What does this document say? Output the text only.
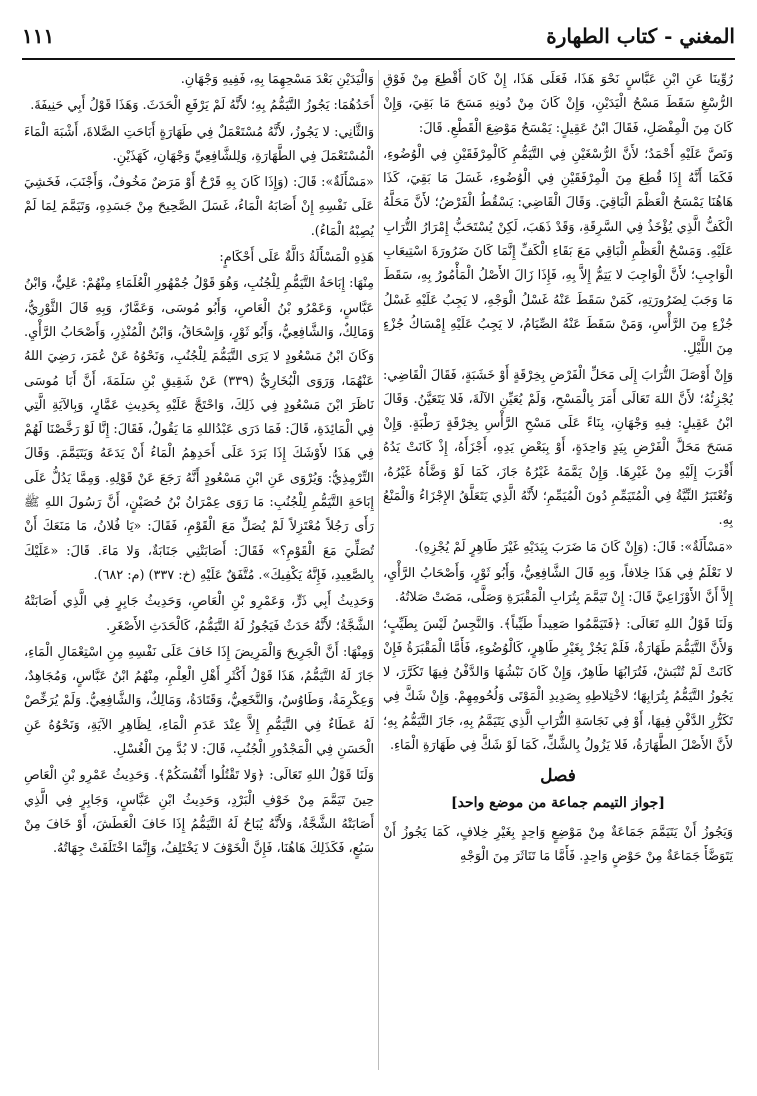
المغني - كتاب الطهارة
١١١

رُوِّينَا عَنِ ابْنِ عَبَّاسٍ نَحْوَ هَذَا، فَعَلَى هَذَا، إِنْ كَانَ أُقْطِعَ مِنْ فَوْقِ الرُّسْغِ سَقَطَ مَسْحُ الْيَدَيْنِ، وَإِنْ كَانَ مِنْ دُونِهِ مَسَحَ مَا بَقِيَ، وَإِنْ كَانَ مِنَ الْمِفْصَلِ، فَقَالَ ابْنُ عَقِيلٍ: يَمْسَحُ مَوْضِعَ الْقَطْعِ. قَالَ:

وَنَصَّ عَلَيْهِ أَحْمَدُ؛ لأَنَّ الرُّسْغَيْنِ فِي التَّيَمُّمِ كَالْمِرْفَقَيْنِ فِي الْوُضُوءِ، فَكَمَا أَنَّهُ إِذَا قُطِعَ مِنَ الْمِرْفَقَيْنِ فِي الْوُضُوءِ، غَسَلَ مَا بَقِيَ، كَذَا هَاهُنَا يَمْسَحُ الْعَظْمَ الْبَاقِيَ. وَقَالَ الْقَاضِي: يَسْقُطُ الْفَرْضُ؛ لأَنَّ مَحَلَّهُ الْكَفُّ الَّذِي يُؤْخَذُ فِي السَّرِقَةِ، وَقَدْ ذَهَبَ، لَكِنْ يُسْتَحَبُّ إِمْرَارُ التُّرَابِ عَلَيْهِ. وَمَسْحُ الْعَظْمِ الْبَاقِي مَعَ بَقَاءِ الْكَفِّ إِنَّمَا كَانَ ضَرُورَةَ اسْتِيعَابِ الْوَاجِبِ؛ لأَنَّ الْوَاجِبَ لا يَتِمُّ إِلاَّ بِهِ، فَإِذَا زَالَ الأَصْلُ الْمَأْمُورُ بِهِ، سَقَطَ مَا وَجَبَ لِضَرُورَتِهِ، كَمَنْ سَقَطَ عَنْهُ غَسْلُ الْوَجْهِ، لا يَجِبُ عَلَيْهِ غَسْلُ جُزْءٍ مِنَ الرَّأْسِ، وَمَنْ سَقَطَ عَنْهُ الصِّيَامُ، لا يَجِبُ عَلَيْهِ إِمْسَاكُ جُزْءٍ مِنَ اللَّيْلِ.

وَإِنْ أَوْصَلَ التُّرَابَ إِلَى مَحَلِّ الْفَرْضِ بِخِرْقَةٍ أَوْ خَشَبَةٍ، فَقَالَ الْقَاضِي: يُجْزِئُهُ؛ لأَنَّ اللهَ تَعَالَى أَمَرَ بِالْمَسْحِ، وَلَمْ يُعَيِّنِ الآلَةَ، فَلا يَتَعَيَّنُ. وَقَالَ ابْنُ عَقِيلٍ: فِيهِ وَجْهَانِ، بِنَاءً عَلَى مَسْحِ الرَّأْسِ بِخِرْقَةٍ رَطْبَةٍ. وَإِنْ مَسَحَ مَحَلَّ الْفَرْضِ بِيَدٍ وَاحِدَةٍ، أَوْ بِبَعْضِ يَدِهِ، أَجْزَأَهُ، إِذْ كَانَتْ يَدُهُ أَقْرَبَ إِلَيْهِ مِنْ غَيْرِهَا. وَإِنْ يَمَّمَهُ غَيْرُهُ جَازَ، كَمَا لَوْ وَضَّأَهُ غَيْرُهُ، وَتُعْتَبَرُ النِّيَّةُ فِي الْمُتَيَمِّمِ دُونَ الْمُيَمِّمِ؛ لأَنَّهُ الَّذِي يَتَعَلَّقُ الإِجْزَاءُ وَالْمَنْعُ بِهِ.

«مَسْأَلَةٌ»: قَالَ: (وَإِنْ كَانَ مَا ضَرَبَ بِيَدَيْهِ غَيْرَ طَاهِرٍ لَمْ يُجْزِهِ).

لا نَعْلَمُ فِي هَذَا خِلافاً، وَبِهِ قَالَ الشَّافِعِيُّ، وَأَبُو ثَوْرٍ، وَأَصْحَابُ الرَّأْيِ، إِلاَّ أَنَّ الأَوْزَاعِيَّ قَالَ: إِنْ تَيَمَّمَ بِتُرَابِ الْمَقْبَرَةِ وَصَلَّى، مَضَتْ صَلاتُهُ.

وَلَنَا قَوْلُ اللهِ تَعَالَى: ﴿فَتَيَمَّمُوا صَعِيداً طَيِّباً﴾. وَالنَّجِسُ لَيْسَ بِطَيِّبٍ؛ وَلأَنَّ التَّيَمُّمَ طَهَارَةٌ، فَلَمْ يَجُزْ بِغَيْرِ طَاهِرٍ، كَالْوُضُوءِ، فَأَمَّا الْمَقْبَرَةُ فَإِنْ كَانَتْ لَمْ تُنْبَشْ، فَتُرَابُهَا طَاهِرٌ، وَإِنْ كَانَ نَبْشُهَا وَالدَّفْنُ فِيهَا تَكَرَّرَ، لا يَجُوزُ التَّيَمُّمُ بِتُرَابِهَا؛ لاخْتِلاطِهِ بِصَدِيدِ الْمَوْتَى وَلُحُومِهِمْ. وَإِنْ شَكَّ فِي تَكَرُّرِ الدَّفْنِ فِيهَا، أَوْ فِي نَجَاسَةِ التُّرَابِ الَّذِي يَتَيَمَّمُ بِهِ، جَازَ التَّيَمُّمُ بِهِ؛ لأَنَّ الأَصْلَ الطَّهَارَةُ، فَلا يَزُولُ بِالشَّكِّ، كَمَا لَوْ شَكَّ فِي طَهَارَةِ الْمَاءِ.

فصل
[جواز التيمم جماعة من موضع واحد]

وَيَجُوزُ أَنْ يَتَيَمَّمَ جَمَاعَةٌ مِنْ مَوْضِعٍ وَاحِدٍ بِغَيْرِ خِلافٍ، كَمَا يَجُوزُ أَنْ يَتَوَضَّأَ جَمَاعَةٌ مِنْ حَوْضٍ وَاحِدٍ. فَأَمَّا مَا تَنَاثَرَ مِنَ الْوَجْهِ

وَالْيَدَيْنِ بَعْدَ مَسْحِهِمَا بِهِ، فَفِيهِ وَجْهَانِ.

أَحَدُهُمَا: يَجُوزُ التَّيَمُّمُ بِهِ؛ لأَنَّهُ لَمْ يَرْفَعِ الْحَدَثَ. وَهَذَا قَوْلُ أَبِي حَنِيفَةَ.

وَالثَّانِي: لا يَجُوزُ، لأَنَّهُ مُسْتَعْمَلٌ فِي طَهَارَةٍ أَبَاحَتِ الصَّلاةَ، أَشْبَهَ الْمَاءَ الْمُسْتَعْمَلَ فِي الطَّهَارَةِ، وَلِلشَّافِعِيِّ وَجْهَانِ، كَهَذَيْنِ.

«مَسْأَلَةٌ»: قَالَ: (وَإِذَا كَانَ بِهِ قَرْحٌ أَوْ مَرَضٌ مَخُوفٌ، وَأَجْنَبَ، فَخَشِيَ عَلَى نَفْسِهِ إِنْ أَصَابَهُ الْمَاءُ، غَسَلَ الصَّحِيحَ مِنْ جَسَدِهِ، وَتَيَمَّمَ لِمَا لَمْ يُصِبْهُ الْمَاءُ).

هَذِهِ الْمَسْأَلَةُ دَالَّةٌ عَلَى أَحْكَامٍ:

مِنْهَا: إِبَاحَةُ التَّيَمُّمِ لِلْجُنُبِ، وَهُوَ قَوْلُ جُمْهُورِ الْعُلَمَاءِ مِنْهُمْ: عَلِيٌّ، وَابْنُ عَبَّاسٍ، وَعَمْرُو بْنُ الْعَاصِ، وَأَبُو مُوسَى، وَعَمَّارٌ، وَبِهِ قَالَ الثَّوْرِيُّ، وَمَالِكٌ، وَالشَّافِعِيُّ، وَأَبُو ثَوْرٍ، وَإِسْحَاقُ، وَابْنُ الْمُنْذِرِ، وَأَصْحَابُ الرَّأْيِ. وَكَانَ ابْنُ مَسْعُودٍ لا يَرَى التَّيَمُّمَ لِلْجُنُبِ، وَنَحْوُهُ عَنْ عُمَرَ، رَضِيَ اللهُ عَنْهُمَا، وَرَوَى الْبُخَارِيُّ (٣٣٩) عَنْ شَقِيقِ بْنِ سَلَمَةَ، أَنَّ أَبَا مُوسَى نَاظَرَ ابْنَ مَسْعُودٍ فِي ذَلِكَ، وَاحْتَجَّ عَلَيْهِ بِحَدِيثِ عَمَّارٍ، وَبِالآيَةِ الَّتِي فِي الْمَائِدَةِ، قَالَ: فَمَا دَرَى عَبْدُاللهِ مَا يَقُولُ، فَقَالَ: إِنَّا لَوْ رَخَّصْنَا لَهُمْ فِي هَذَا لأَوْشَكَ إِذَا بَرَدَ عَلَى أَحَدِهِمُ الْمَاءُ أَنْ يَدَعَهُ وَيَتَيَمَّمَ. وَقَالَ التِّرْمِذِيُّ: وَيُرْوَى عَنِ ابْنِ مَسْعُودٍ أَنَّهُ رَجَعَ عَنْ قَوْلِهِ. وَمِمَّا يَدُلُّ عَلَى إِبَاحَةِ التَّيَمُّمِ لِلْجُنُبِ: مَا رَوَى عِمْرَانُ بْنُ حُصَيْنٍ، أَنَّ رَسُولَ اللهِ ﷺ رَأَى رَجُلاً مُعْتَزِلاً لَمْ يُصَلِّ مَعَ الْقَوْمِ، فَقَالَ: «يَا فُلانُ، مَا مَنَعَكَ أَنْ تُصَلِّيَ مَعَ الْقَوْمِ؟» فَقَالَ: أَصَابَتْنِي جَنَابَةٌ، وَلا مَاءَ. قَالَ: «عَلَيْكَ بِالصَّعِيدِ، فَإِنَّهُ يَكْفِيكَ». مُتَّفَقٌ عَلَيْهِ (خ: ٣٣٧) (م: ٦٨٢).

وَحَدِيثُ أَبِي ذَرٍّ، وَعَمْرِو بْنِ الْعَاصِ، وَحَدِيثُ جَابِرٍ فِي الَّذِي أَصَابَتْهُ الشَّجَّةُ؛ لأَنَّهُ حَدَثٌ فَيَجُوزُ لَهُ التَّيَمُّمُ، كَالْحَدَثِ الأَصْغَرِ.

وَمِنْهَا: أَنَّ الْجَرِيحَ وَالْمَرِيضَ إِذَا خَافَ عَلَى نَفْسِهِ مِنِ اسْتِعْمَالِ الْمَاءِ، جَازَ لَهُ التَّيَمُّمُ، هَذَا قَوْلُ أَكْثَرِ أَهْلِ الْعِلْمِ، مِنْهُمُ ابْنُ عَبَّاسٍ، وَمُجَاهِدٌ، وَعِكْرِمَةُ، وَطَاوُسٌ، وَالنَّخَعِيُّ، وَقَتَادَةُ، وَمَالِكٌ، وَالشَّافِعِيُّ. وَلَمْ يُرَخِّصْ لَهُ عَطَاءٌ فِي التَّيَمُّمِ إِلاَّ عِنْدَ عَدَمِ الْمَاءِ، لِظَاهِرِ الآيَةِ، وَنَحْوُهُ عَنِ الْحَسَنِ فِي الْمَجْدُورِ الْجُنُبِ، قَالَ: لا بُدَّ مِنَ الْغُسْلِ.

وَلَنَا قَوْلُ اللهِ تَعَالَى: ﴿وَلا تَقْتُلُوا أَنْفُسَكُمْ﴾. وَحَدِيثُ عَمْرِو بْنِ الْعَاصِ حِينَ تَيَمَّمَ مِنْ خَوْفِ الْبَرْدِ، وَحَدِيثُ ابْنِ عَبَّاسٍ، وَجَابِرٍ فِي الَّذِي أَصَابَتْهُ الشَّجَّةُ، وَلأَنَّهُ يُبَاحُ لَهُ التَّيَمُّمُ إِذَا خَافَ الْعَطَشَ، أَوْ خَافَ مِنْ سَبُعٍ، فَكَذَلِكَ هَاهُنَا، فَإِنَّ الْخَوْفَ لا يَخْتَلِفُ، وَإِنَّمَا اخْتَلَفَتْ جِهَاتُهُ.
